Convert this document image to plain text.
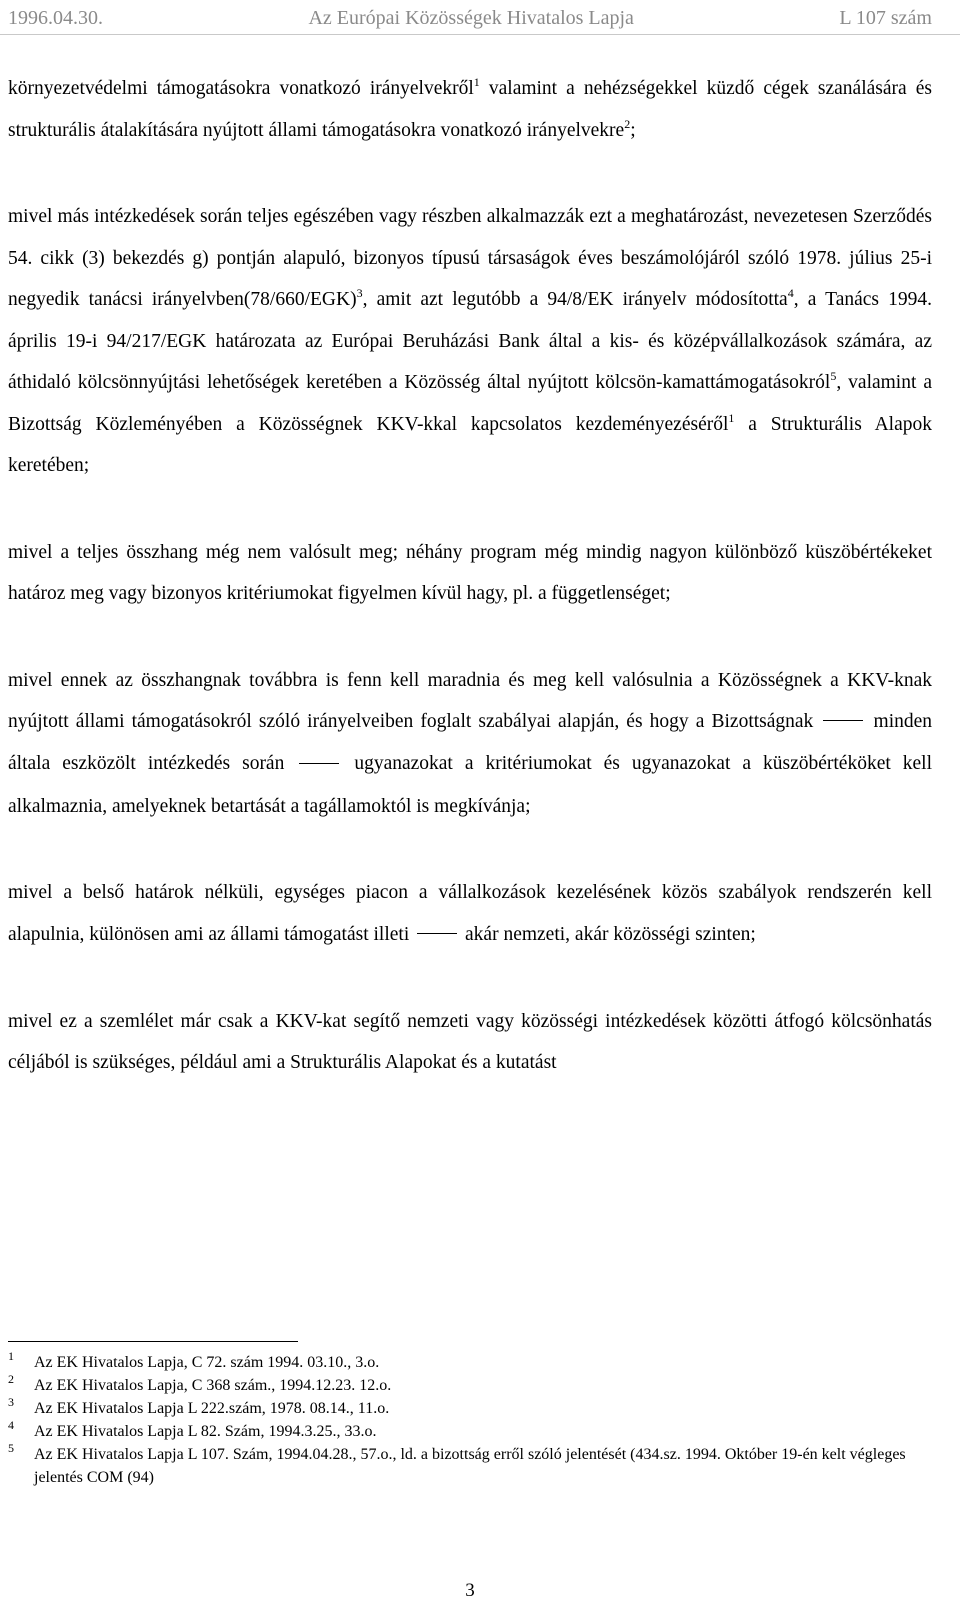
1996.04.30.	Az Európai Közösségek Hivatalos Lapja	L 107 szám

környezetvédelmi támogatásokra vonatkozó irányelvekről$^1$ valamint a nehézségekkel küzdő cégek szanálására és strukturális átalakítására nyújtott állami támogatásokra vonatkozó irányelvekre$^2$;

mivel más intézkedések során teljes egészében vagy részben alkalmazzák ezt a meghatározást, nevezetesen Szerződés 54. cikk (3) bekezdés g) pontján alapuló, bizonyos típusú társaságok éves beszámolójáról szóló 1978. július 25-i negyedik tanácsi $irányelvben(78/660/EGK)^3$, amit azt legutóbb a 94/8/EK irányelv módosította$^4$, a Tanács 1994. április 19-i 94/217/EGK határozata az Európai Beruházási Bank által a kis- és középvállalkozások számára, az áthidaló kölcsönnyújtási lehetőségek keretében a Közösség által nyújtott kölcsön-kamattámogatásokról$^5$, valamint a Bizottság Közleményében a Közösségnek KKV-kkal kapcsolatos kezdeményezéséről$^1$ a Strukturális Alapok keretében;

mivel a teljes összhang még nem valósult meg; néhány program még mindig nagyon különböző küszöbértékeket határoz meg vagy bizonyos kritériumokat figyelmen kívül hagy, pl. a függetlenséget;

mivel ennek az összhangnak továbbra is fenn kell maradnia és meg kell valósulnia a Közösségnek a KKV-knak nyújtott állami támogatásokról szóló irányelveiben foglalt szabályai alapján, és hogy a Bizottságnak	minden általa eszközölt intézkedés során	ugyanazokat a kritériumokat és ugyanazokat a küszöbértéköket kell alkalmaznia, amelyeknek betartását a tagállamoktól is megkívánja;

mivel a belső határok nélküli, egységes piacon a vállalkozások kezelésének közös szabályok rendszerén kell alapulnia, különösen ami az állami támogatást illeti	akár nemzeti, akár közösségi szinten;

mivel ez a szemlélet már csak a KKV-kat segítő nemzeti vagy közösségi intézkedések közötti átfogó kölcsönhatás céljából is szükséges, például ami a Strukturális Alapokat és a kutatást

1 Az EK Hivatalos Lapja, C 72. szám 1994. 03.10., 3.o.
2 Az EK Hivatalos Lapja, C 368 szám., 1994.12.23. 12.o.
3 Az EK Hivatalos Lapja L 222.szám, 1978. 08.14., 11.o.
4 Az EK Hivatalos Lapja L 82. Szám, 1994.3.25., 33.o.
5 Az EK Hivatalos Lapja L 107. Szám, 1994.04.28., 57.o., ld. a bizottság erről szóló jelentését (434.sz. 1994. Október 19-én kelt végleges jelentés COM (94)
3
